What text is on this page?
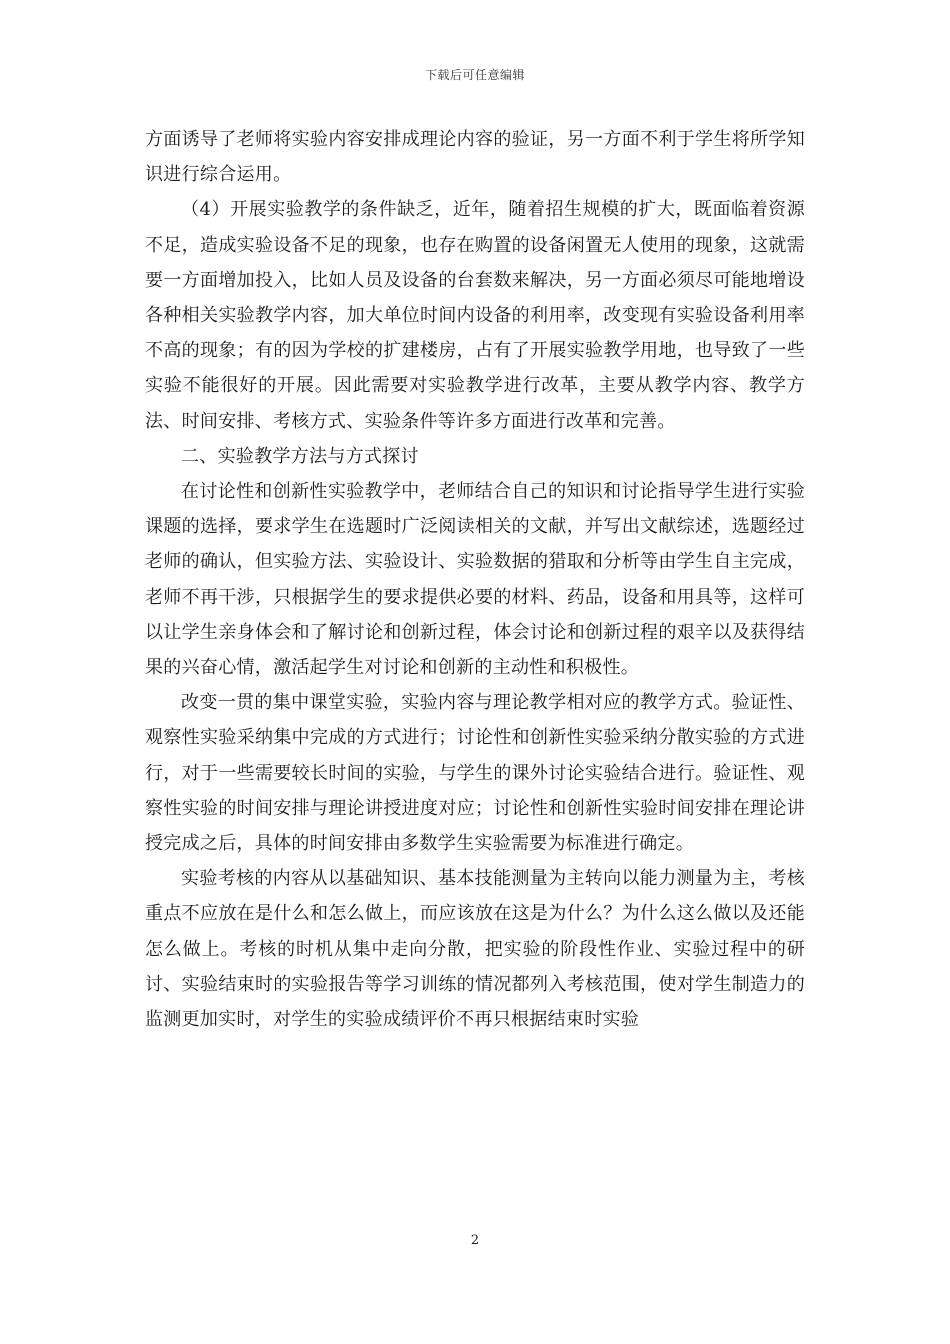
下载后可任意编辑

方面诱导了老师将实验内容安排成理论内容的验证，另一方面不利于学生将所学知识进行综合运用。

（4）开展实验教学的条件缺乏，近年，随着招生规模的扩大，既面临着资源不足，造成实验设备不足的现象，也存在购置的设备闲置无人使用的现象，这就需要一方面增加投入，比如人员及设备的台套数来解决，另一方面必须尽可能地增设各种相关实验教学内容，加大单位时间内设备的利用率，改变现有实验设备利用率不高的现象；有的因为学校的扩建楼房，占有了开展实验教学用地，也导致了一些实验不能很好的开展。因此需要对实验教学进行改革，主要从教学内容、教学方法、时间安排、考核方式、实验条件等许多方面进行改革和完善。

二、实验教学方法与方式探讨

在讨论性和创新性实验教学中，老师结合自己的知识和讨论指导学生进行实验课题的选择，要求学生在选题时广泛阅读相关的文献，并写出文献综述，选题经过老师的确认，但实验方法、实验设计、实验数据的猎取和分析等由学生自主完成，老师不再干涉，只根据学生的要求提供必要的材料、药品，设备和用具等，这样可以让学生亲身体会和了解讨论和创新过程，体会讨论和创新过程的艰辛以及获得结果的兴奋心情，激活起学生对讨论和创新的主动性和积极性。

改变一贯的集中课堂实验，实验内容与理论教学相对应的教学方式。验证性、观察性实验采纳集中完成的方式进行；讨论性和创新性实验采纳分散实验的方式进行，对于一些需要较长时间的实验，与学生的课外讨论实验结合进行。验证性、观察性实验的时间安排与理论讲授进度对应；讨论性和创新性实验时间安排在理论讲授完成之后，具体的时间安排由多数学生实验需要为标准进行确定。

实验考核的内容从以基础知识、基本技能测量为主转向以能力测量为主，考核重点不应放在是什么和怎么做上，而应该放在这是为什么？为什么这么做以及还能怎么做上。考核的时机从集中走向分散，把实验的阶段性作业、实验过程中的研讨、实验结束时的实验报告等学习训练的情况都列入考核范围，使对学生制造力的监测更加实时，对学生的实验成绩评价不再只根据结束时实验

2
